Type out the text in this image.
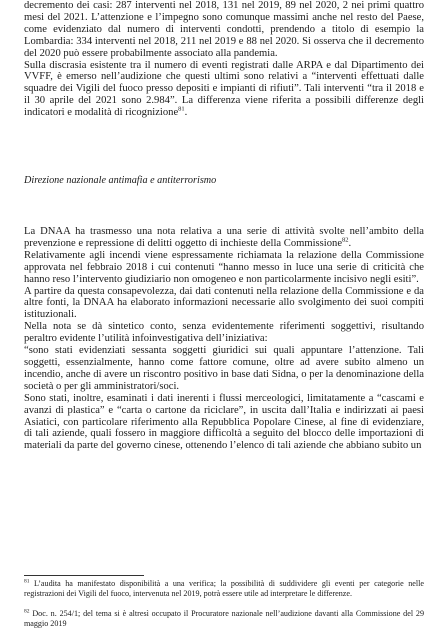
decremento dei casi: 287 interventi nel 2018, 131 nel 2019, 89 nel 2020, 2 nei primi quattro mesi del 2021. L’attenzione e l’impegno sono comunque massimi anche nel resto del Paese, come evidenziato dal numero di interventi condotti, prendendo a titolo di esempio la Lombardia: 334 interventi nel 2018, 211 nel 2019 e 88 nel 2020. Si osserva che il decremento del 2020 può essere probabilmente associato alla pandemia.

Sulla discrasia esistente tra il numero di eventi registrati dalle ARPA e dal Dipartimento dei VVFF, è emerso nell’audizione che questi ultimi sono relativi a “interventi effettuati dalle squadre dei Vigili del fuoco presso depositi e impianti di rifiuti”. Tali interventi “tra il 2018 e il 30 aprile del 2021 sono 2.984”. La differenza viene riferita a possibili differenze degli indicatori e modalità di ricognizione$^{81}$.

Direzione nazionale antimafia e antiterrorismo

La DNAA ha trasmesso una nota relativa a una serie di attività svolte nell’ambito della prevenzione e repressione di delitti oggetto di inchieste della Commissione$^{82}$.

Relativamente agli incendi viene espressamente richiamata la relazione della Commissione approvata nel febbraio 2018 i cui contenuti “hanno messo in luce una serie di criticità che hanno reso l’intervento giudiziario non omogeneo e non particolarmente incisivo negli esiti”.

A partire da questa consapevolezza, dai dati contenuti nella relazione della Commissione e da altre fonti, la DNAA ha elaborato informazioni necessarie allo svolgimento dei suoi compiti istituzionali.

Nella nota se dà sintetico conto, senza evidentemente riferimenti soggettivi, risultando peraltro evidente l’utilità infoinvestigativa dell’iniziativa:

“sono stati evidenziati sessanta soggetti giuridici sui quali appuntare l’attenzione. Tali soggetti, essenzialmente, hanno come fattore comune, oltre ad avere subito almeno un incendio, anche di avere un riscontro positivo in base dati Sidna, o per la denominazione della società o per gli amministratori/soci.

Sono stati, inoltre, esaminati i dati inerenti i flussi merceologici, limitatamente a “cascami e avanzi di plastica” e “carta o cartone da riciclare”, in uscita dall’Italia e indirizzati ai paesi Asiatici, con particolare riferimento alla Repubblica Popolare Cinese, al fine di evidenziare, di tali aziende, quali fossero in maggiore difficoltà a seguito del blocco delle importazioni di materiali da parte del governo cinese, ottenendo l’elenco di tali aziende che abbiano subito un

$^{81}$ L’audita ha manifestato disponibilità a una verifica; la possibilità di suddividere gli eventi per categorie nelle registrazioni dei Vigili del fuoco, intervenuta nel 2019, potrà essere utile ad interpretare le differenze.

$^{82}$ Doc. n. 254/1; del tema si è altresì occupato il Procuratore nazionale nell’audizione davanti alla Commissione del 29 maggio 2019
